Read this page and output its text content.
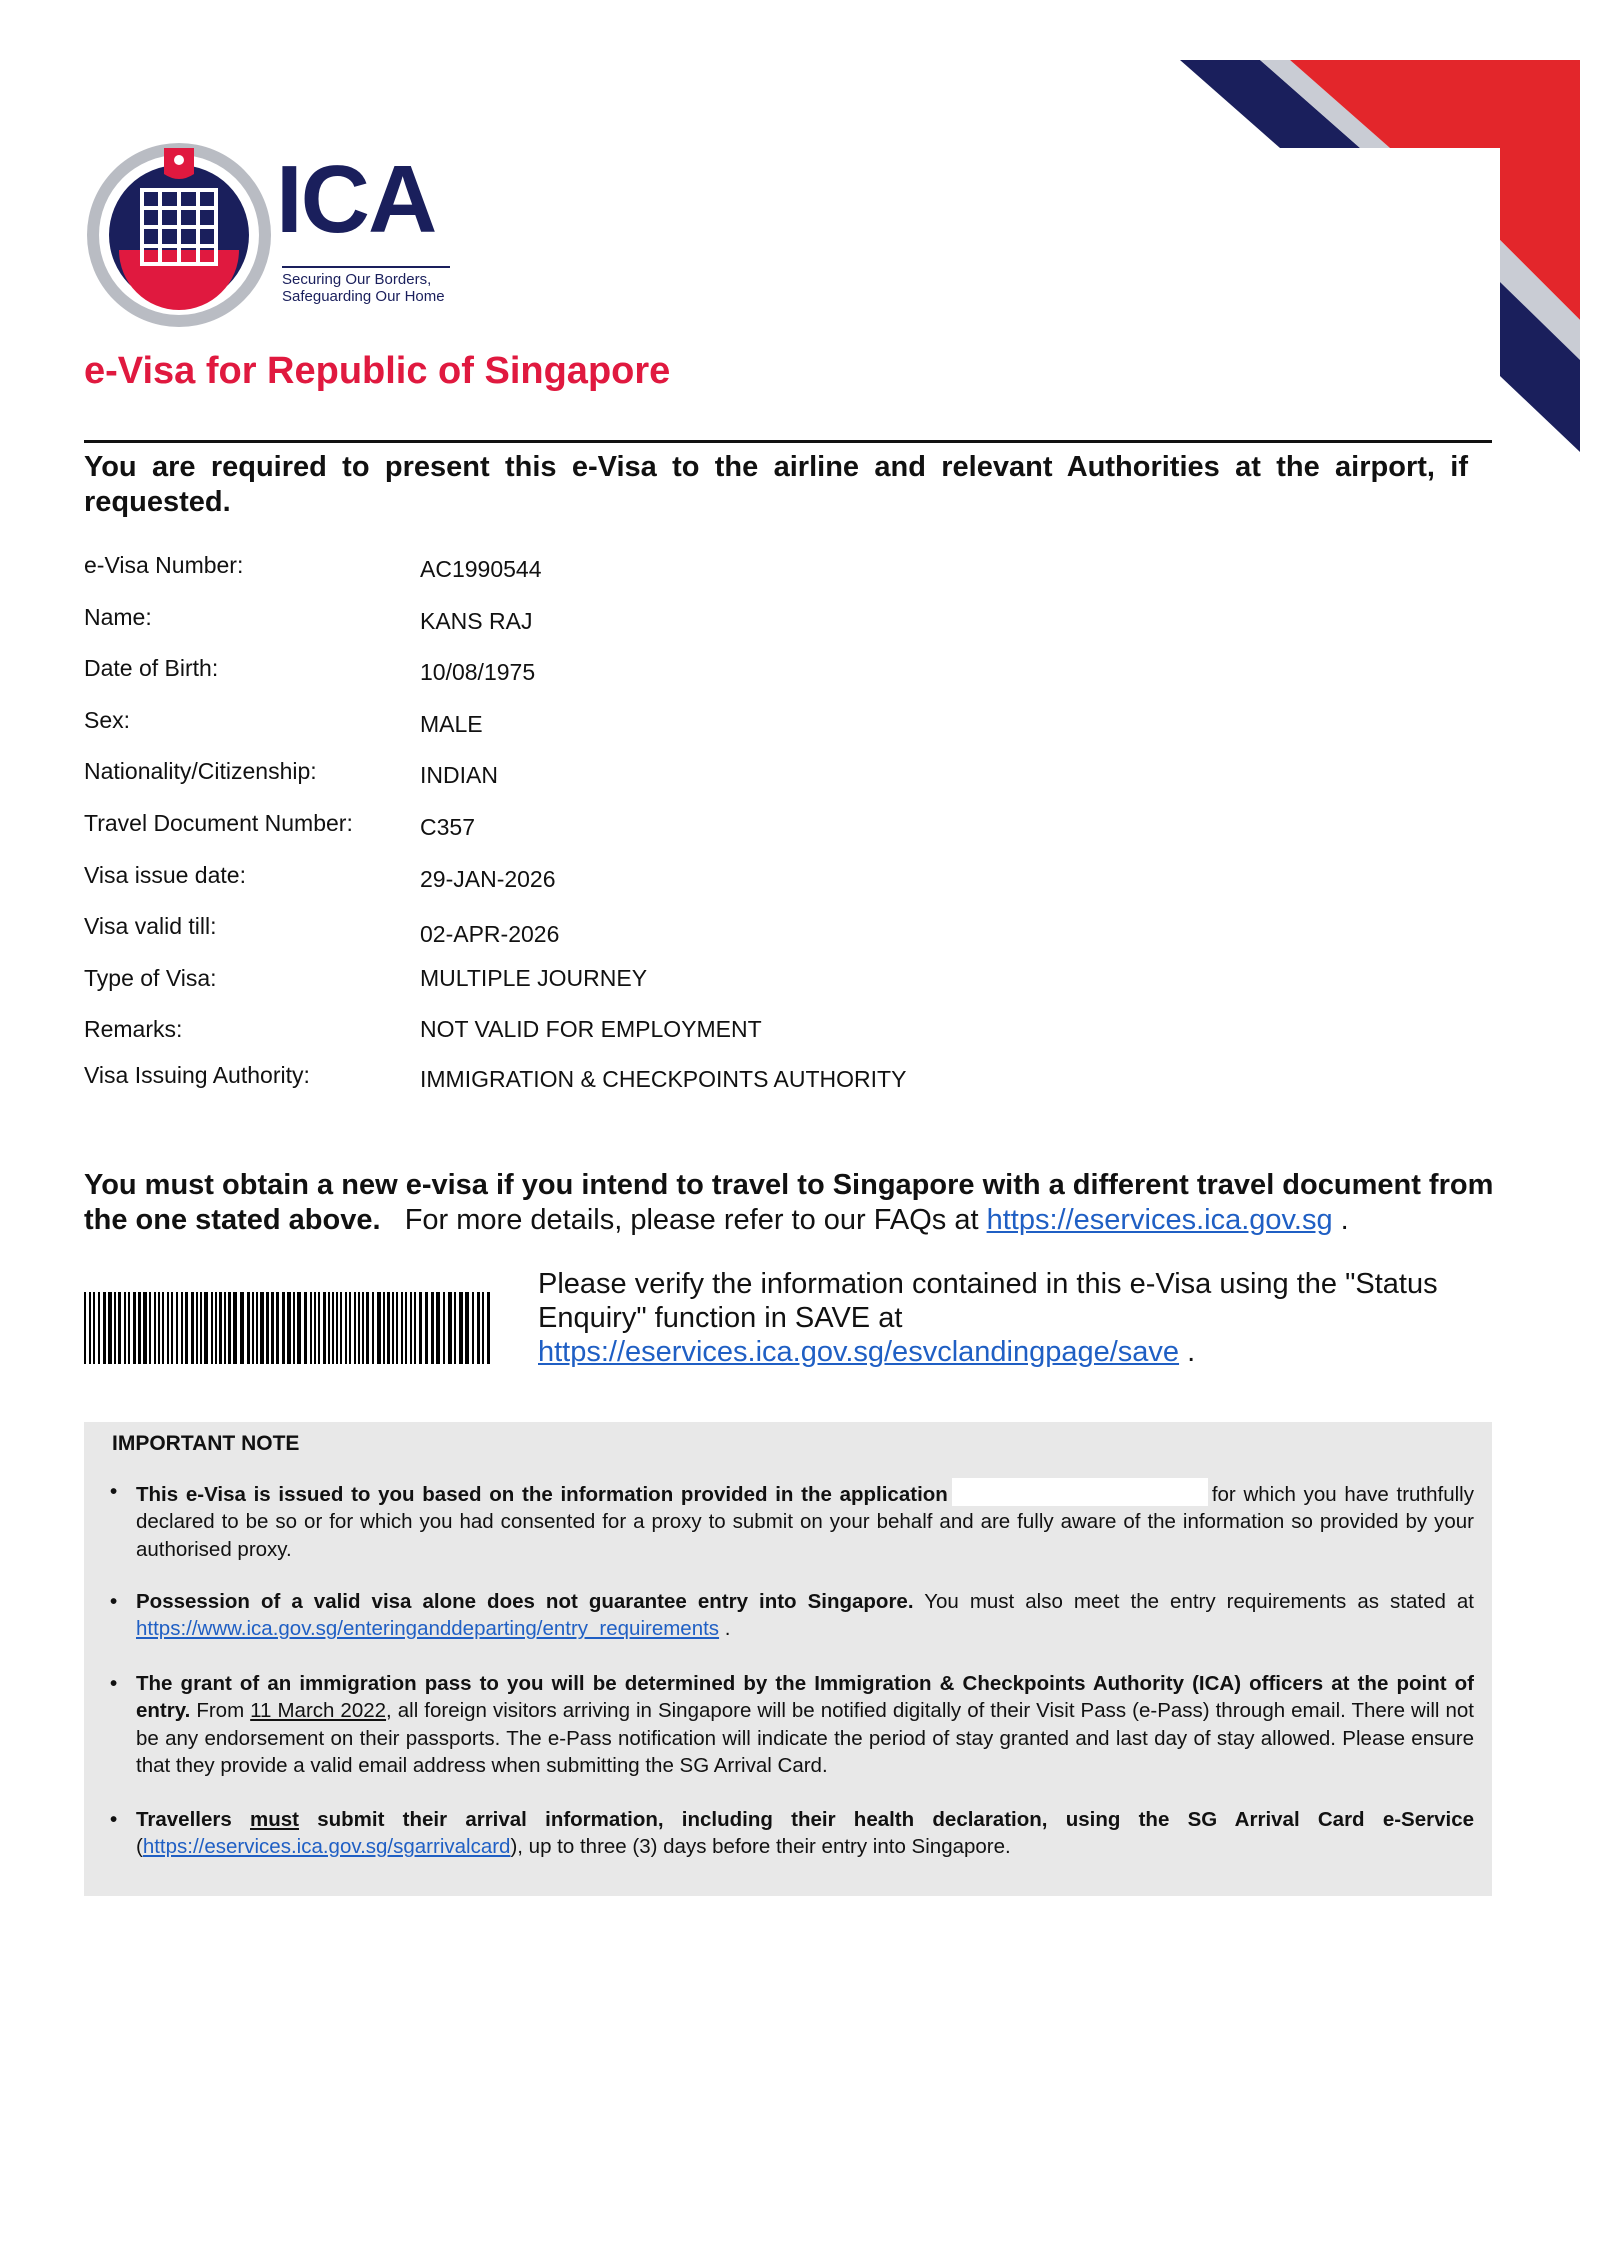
ICA
Securing Our Borders,
Safeguarding Our Home
e-Visa for Republic of Singapore
You are required to present this e-Visa to the airline and relevant Authorities at the airport, if requested.
e-Visa Number:	AC1990544
Name:	KANS RAJ
Date of Birth:	10/08/1975
Sex:	MALE
Nationality/Citizenship:	INDIAN
Travel Document Number:	C357
Visa issue date:	29-JAN-2026
Visa valid till:	02-APR-2026
Type of Visa:	MULTIPLE JOURNEY
Remarks:	NOT VALID FOR EMPLOYMENT
Visa Issuing Authority:	IMMIGRATION & CHECKPOINTS AUTHORITY
You must obtain a new e-visa if you intend to travel to Singapore with a different travel document from the one stated above. For more details, please refer to our FAQs at https://eservices.ica.gov.sg .
Please verify the information contained in this e-Visa using the "Status Enquiry" function in SAVE at https://eservices.ica.gov.sg/esvclandingpage/save .
IMPORTANT NOTE
• This e-Visa is issued to you based on the information provided in the application	for which you have truthfully declared to be so or for which you had consented for a proxy to submit on your behalf and are fully aware of the information so provided by your authorised proxy.
• Possession of a valid visa alone does not guarantee entry into Singapore. You must also meet the entry requirements as stated at https://www.ica.gov.sg/enteringanddeparting/entry_requirements .
• The grant of an immigration pass to you will be determined by the Immigration & Checkpoints Authority (ICA) officers at the point of entry. From 11 March 2022, all foreign visitors arriving in Singapore will be notified digitally of their Visit Pass (e-Pass) through email. There will not be any endorsement on their passports. The e-Pass notification will indicate the period of stay granted and last day of stay allowed. Please ensure that they provide a valid email address when submitting the SG Arrival Card.
• Travellers must submit their arrival information, including their health declaration, using the SG Arrival Card e-Service (https://eservices.ica.gov.sg/sgarrivalcard), up to three (3) days before their entry into Singapore.
